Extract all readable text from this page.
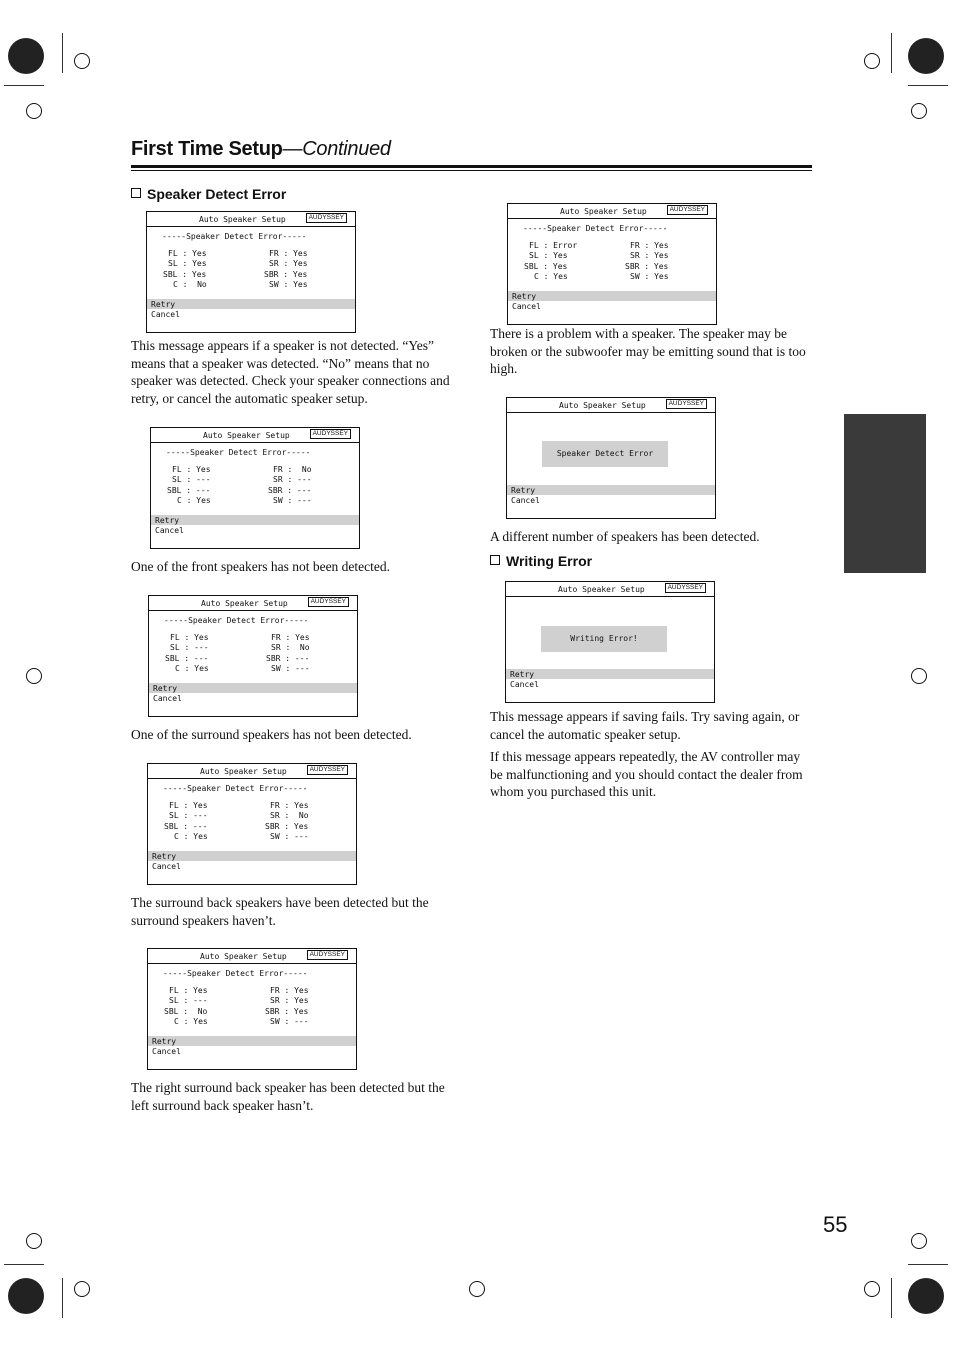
First Time Setup—Continued
Speaker Detect Error
Auto Speaker Setup	AUDYSSEY
-----Speaker Detect Error-----
FL : Yes	FR : Yes
SL : Yes	SR : Yes
SBL : Yes	SBR : Yes
C :  No	SW : Yes
Retry
Cancel
This message appears if a speaker is not detected. “Yes” means that a speaker was detected. “No” means that no speaker was detected. Check your speaker connections and retry, or cancel the automatic speaker setup.
Auto Speaker Setup	AUDYSSEY
-----Speaker Detect Error-----
FL : Yes	FR :  No
SL : ---	SR : ---
SBL : ---	SBR : ---
C : Yes	SW : ---
Retry
Cancel
One of the front speakers has not been detected.
Auto Speaker Setup	AUDYSSEY
-----Speaker Detect Error-----
FL : Yes	FR : Yes
SL : ---	SR :  No
SBL : ---	SBR : ---
C : Yes	SW : ---
Retry
Cancel
One of the surround speakers has not been detected.
Auto Speaker Setup	AUDYSSEY
-----Speaker Detect Error-----
FL : Yes	FR : Yes
SL : ---	SR :  No
SBL : ---	SBR : Yes
C : Yes	SW : ---
Retry
Cancel
The surround back speakers have been detected but the surround speakers haven’t.
Auto Speaker Setup	AUDYSSEY
-----Speaker Detect Error-----
FL : Yes	FR : Yes
SL : ---	SR : Yes
SBL :  No	SBR : Yes
C : Yes	SW : ---
Retry
Cancel
The right surround back speaker has been detected but the left surround back speaker hasn’t.
Auto Speaker Setup	AUDYSSEY
-----Speaker Detect Error-----
FL : Error	FR : Yes
SL : Yes	SR : Yes
SBL : Yes	SBR : Yes
C : Yes	SW : Yes
Retry
Cancel
There is a problem with a speaker. The speaker may be broken or the subwoofer may be emitting sound that is too high.
Auto Speaker Setup	AUDYSSEY
Speaker Detect Error
Retry
Cancel
A different number of speakers has been detected.
Writing Error
Auto Speaker Setup	AUDYSSEY
Writing Error!
Retry
Cancel
This message appears if saving fails. Try saving again, or cancel the automatic speaker setup.
If this message appears repeatedly, the AV controller may be malfunctioning and you should contact the dealer from whom you purchased this unit.
55
